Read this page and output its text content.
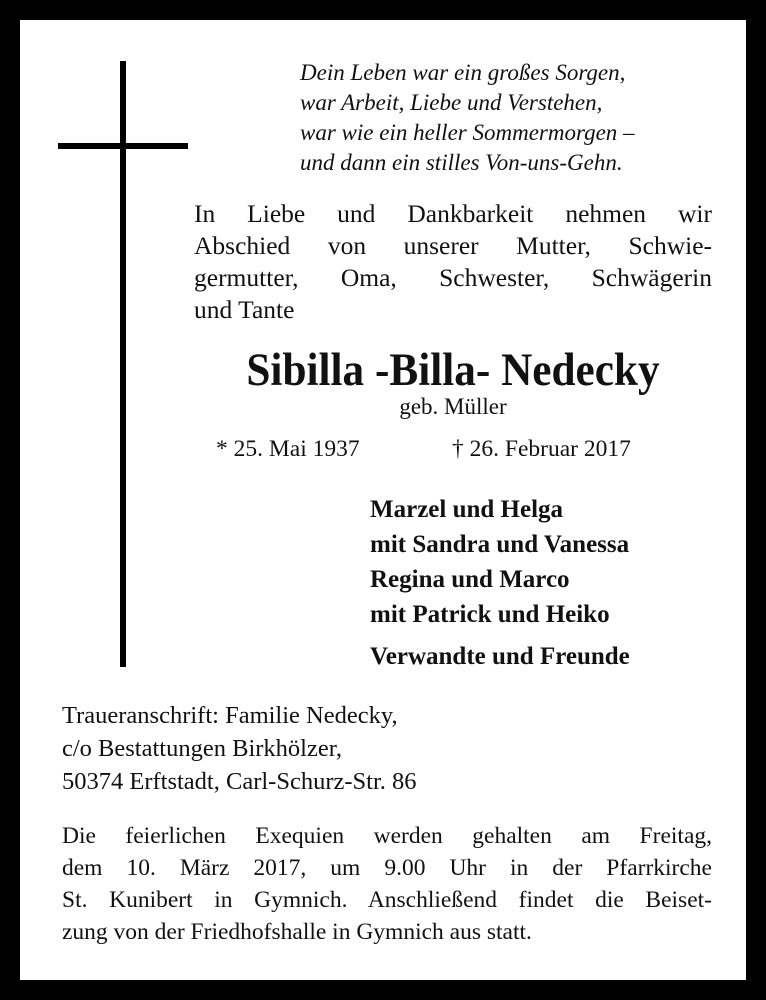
Dein Leben war ein großes Sorgen,
war Arbeit, Liebe und Verstehen,
war wie ein heller Sommermorgen –
und dann ein stilles Von-uns-Gehn.
In Liebe und Dankbarkeit nehmen wir
Abschied von unserer Mutter, Schwie-
germutter, Oma, Schwester, Schwägerin
und Tante
Sibilla -Billa- Nedecky
geb. Müller
* 25. Mai 1937	† 26. Februar 2017
Marzel und Helga
mit Sandra und Vanessa
Regina und Marco
mit Patrick und Heiko
Verwandte und Freunde
Traueranschrift: Familie Nedecky,
c/o Bestattungen Birkhölzer,
50374 Erftstadt, Carl-Schurz-Str. 86
Die feierlichen Exequien werden gehalten am Freitag,
dem 10. März 2017, um 9.00 Uhr in der Pfarrkirche
St. Kunibert in Gymnich. Anschließend findet die Beiset-
zung von der Friedhofshalle in Gymnich aus statt.
